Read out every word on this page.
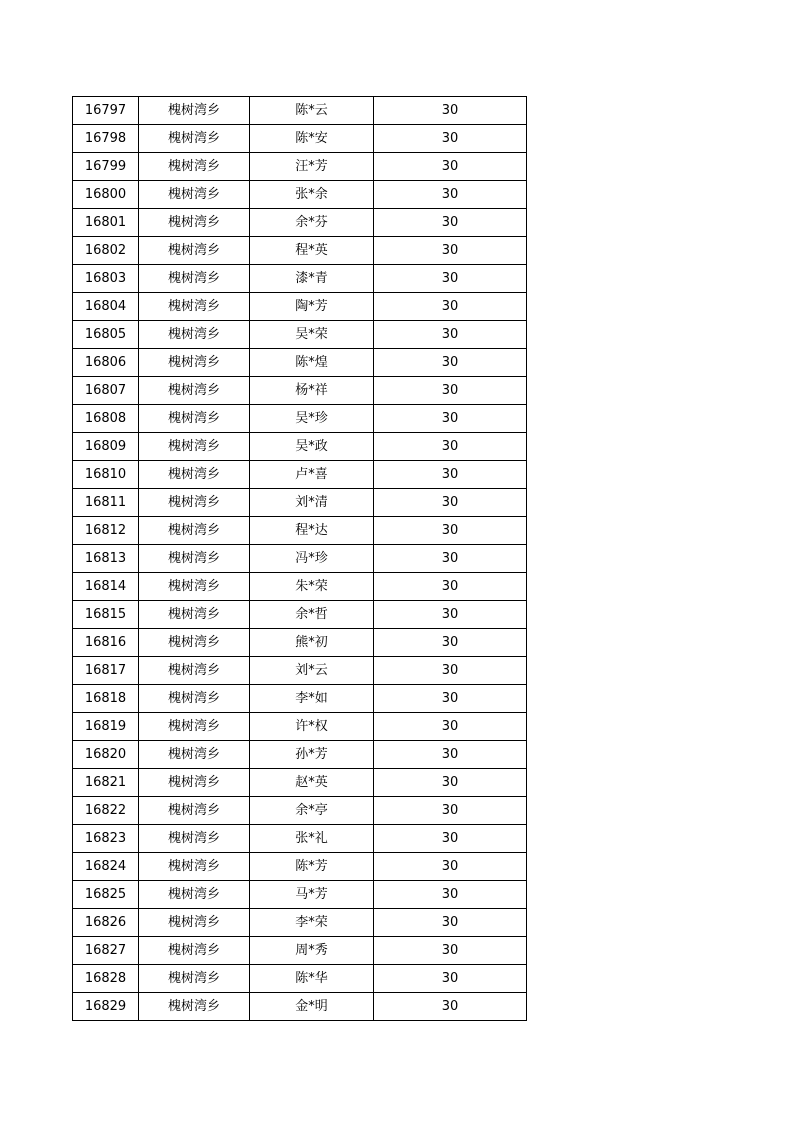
16797	槐树湾乡	陈*云	30
16798	槐树湾乡	陈*安	30
16799	槐树湾乡	汪*芳	30
16800	槐树湾乡	张*余	30
16801	槐树湾乡	余*芬	30
16802	槐树湾乡	程*英	30
16803	槐树湾乡	漆*青	30
16804	槐树湾乡	陶*芳	30
16805	槐树湾乡	吴*荣	30
16806	槐树湾乡	陈*煌	30
16807	槐树湾乡	杨*祥	30
16808	槐树湾乡	吴*珍	30
16809	槐树湾乡	吴*政	30
16810	槐树湾乡	卢*喜	30
16811	槐树湾乡	刘*清	30
16812	槐树湾乡	程*达	30
16813	槐树湾乡	冯*珍	30
16814	槐树湾乡	朱*荣	30
16815	槐树湾乡	余*哲	30
16816	槐树湾乡	熊*初	30
16817	槐树湾乡	刘*云	30
16818	槐树湾乡	李*如	30
16819	槐树湾乡	许*权	30
16820	槐树湾乡	孙*芳	30
16821	槐树湾乡	赵*英	30
16822	槐树湾乡	余*亭	30
16823	槐树湾乡	张*礼	30
16824	槐树湾乡	陈*芳	30
16825	槐树湾乡	马*芳	30
16826	槐树湾乡	李*荣	30
16827	槐树湾乡	周*秀	30
16828	槐树湾乡	陈*华	30
16829	槐树湾乡	金*明	30
